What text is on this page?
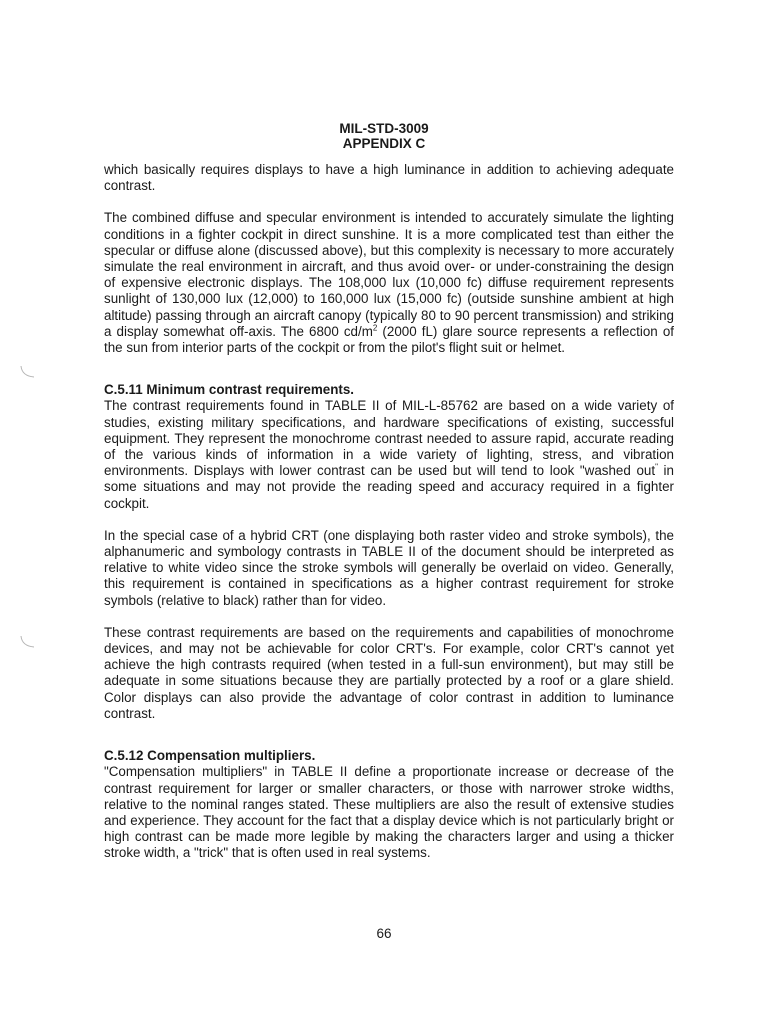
MIL-STD-3009
APPENDIX C

which basically requires displays to have a high luminance in addition to achieving adequate contrast.

The combined diffuse and specular environment is intended to accurately simulate the lighting conditions in a fighter cockpit in direct sunshine. It is a more complicated test than either the specular or diffuse alone (discussed above), but this complexity is necessary to more accurately simulate the real environment in aircraft, and thus avoid over- or under-constraining the design of expensive electronic displays. The 108,000 lux (10,000 fc) diffuse requirement represents sunlight of 130,000 lux (12,000) to 160,000 lux (15,000 fc) (outside sunshine ambient at high altitude) passing through an aircraft canopy (typically 80 to 90 percent transmission) and striking a display somewhat off-axis. The 6800 $cd/m^2$ (2000 fL) glare source represents a reflection of the sun from interior parts of the cockpit or from the pilot's flight suit or helmet.

C.5.11 Minimum contrast requirements.

The contrast requirements found in TABLE II of MIL-L-85762 are based on a wide variety of studies, existing military specifications, and hardware specifications of existing, successful equipment. They represent the monochrome contrast needed to assure rapid, accurate reading of the various kinds of information in a wide variety of lighting, stress, and vibration environments. Displays with lower contrast can be used but will tend to look "washed out" in some situations and may not provide the reading speed and accuracy required in a fighter cockpit.

In the special case of a hybrid CRT (one displaying both raster video and stroke symbols), the alphanumeric and symbology contrasts in TABLE II of the document should be interpreted as relative to white video since the stroke symbols will generally be overlaid on video. Generally, this requirement is contained in specifications as a higher contrast requirement for stroke symbols (relative to black) rather than for video.

These contrast requirements are based on the requirements and capabilities of monochrome devices, and may not be achievable for color CRT's. For example, color CRT's cannot yet achieve the high contrasts required (when tested in a full-sun environment), but may still be adequate in some situations because they are partially protected by a roof or a glare shield. Color displays can also provide the advantage of color contrast in addition to luminance contrast.

C.5.12 Compensation multipliers.

"Compensation multipliers" in TABLE II define a proportionate increase or decrease of the contrast requirement for larger or smaller characters, or those with narrower stroke widths, relative to the nominal ranges stated. These multipliers are also the result of extensive studies and experience. They account for the fact that a display device which is not particularly bright or high contrast can be made more legible by making the characters larger and using a thicker stroke width, a "trick" that is often used in real systems.

66
